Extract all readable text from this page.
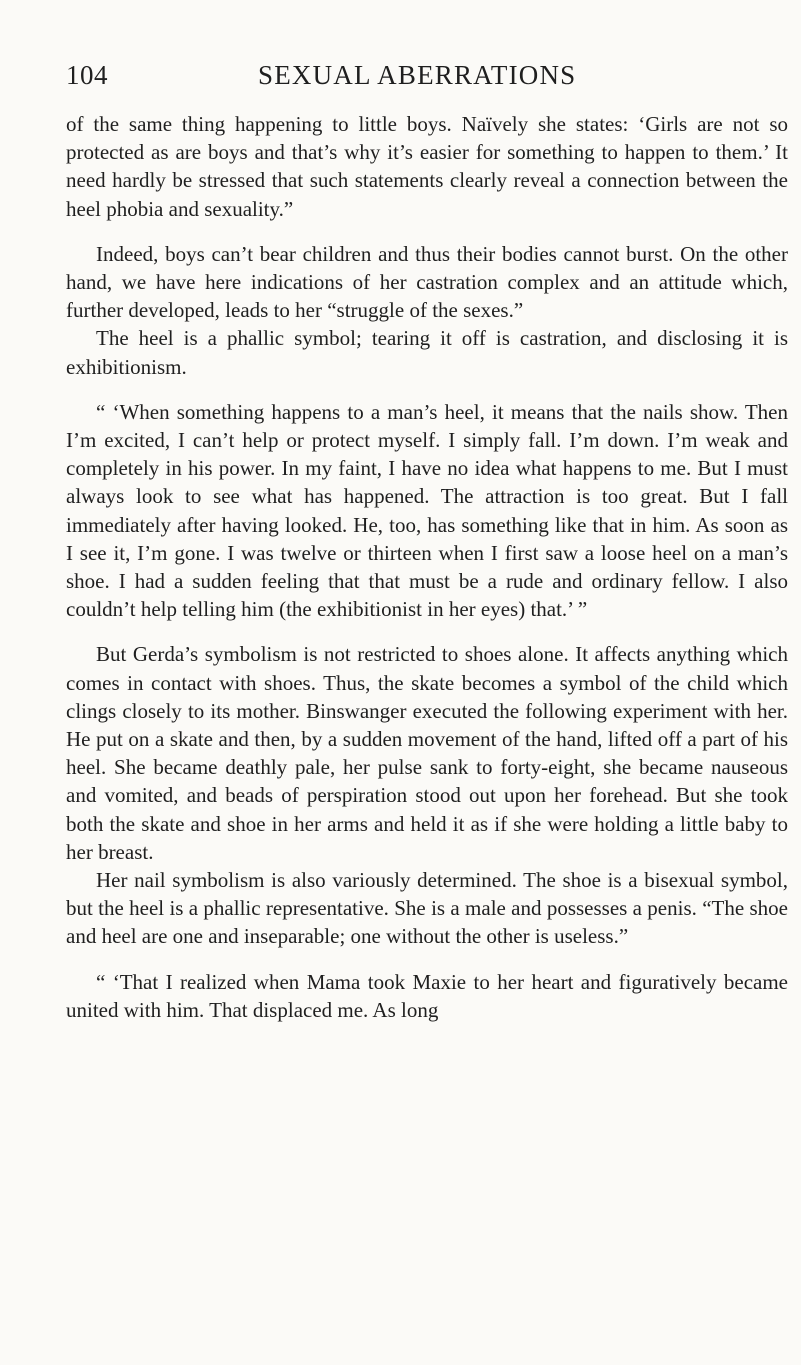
104	SEXUAL ABERRATIONS

of the same thing happening to little boys. Naïvely she states: ‘Girls are not so protected as are boys and that’s why it’s easier for something to happen to them.’ It need hardly be stressed that such statements clearly reveal a connection between the heel phobia and sexuality.”

Indeed, boys can’t bear children and thus their bodies cannot burst. On the other hand, we have here indications of her castration complex and an attitude which, further developed, leads to her “struggle of the sexes.”

The heel is a phallic symbol; tearing it off is castration, and disclosing it is exhibitionism.

“ ‘When something happens to a man’s heel, it means that the nails show. Then I’m excited, I can’t help or protect myself. I simply fall. I’m down. I’m weak and completely in his power. In my faint, I have no idea what happens to me. But I must always look to see what has happened. The attraction is too great. But I fall immediately after having looked. He, too, has something like that in him. As soon as I see it, I’m gone. I was twelve or thirteen when I first saw a loose heel on a man’s shoe. I had a sudden feeling that that must be a rude and ordinary fellow. I also couldn’t help telling him (the exhibitionist in her eyes) that.’ ”

But Gerda’s symbolism is not restricted to shoes alone. It affects anything which comes in contact with shoes. Thus, the skate becomes a symbol of the child which clings closely to its mother. Binswanger executed the following experiment with her. He put on a skate and then, by a sudden movement of the hand, lifted off a part of his heel. She became deathly pale, her pulse sank to forty-eight, she became nauseous and vomited, and beads of perspiration stood out upon her forehead. But she took both the skate and shoe in her arms and held it as if she were holding a little baby to her breast.

Her nail symbolism is also variously determined. The shoe is a bisexual symbol, but the heel is a phallic representative. She is a male and possesses a penis. “The shoe and heel are one and inseparable; one without the other is useless.”

“ ‘That I realized when Mama took Maxie to her heart and figuratively became united with him. That displaced me. As long
